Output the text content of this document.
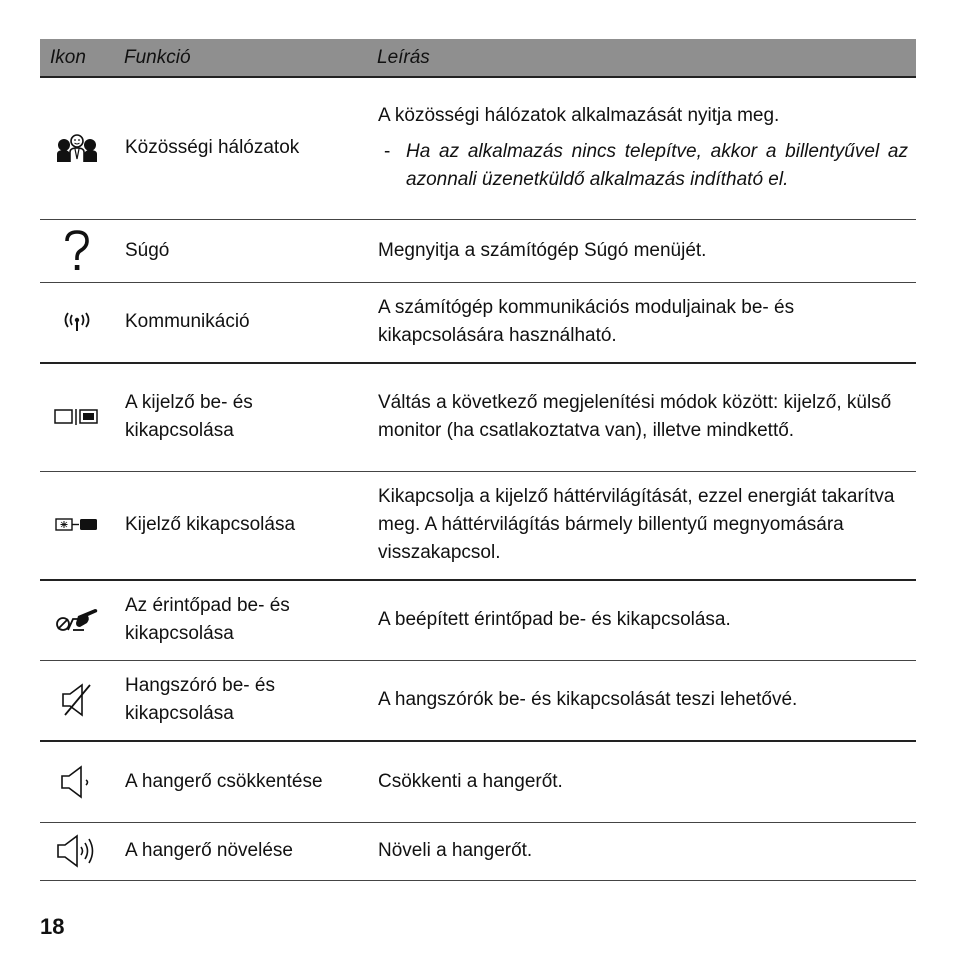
Ikon	Funkció	Leírás

	Közösségi hálózatok	A közösségi hálózatok alkalmazását nyitja meg.
- Ha az alkalmazás nincs telepítve, akkor a billentyűvel az azonnali üzenetküldő alkalmazás indítható el.

	Súgó	Megnyitja a számítógép Súgó menüjét.

	Kommunikáció	A számítógép kommunikációs moduljainak be- és kikapcsolására használható.

	A kijelző be- és kikapcsolása	Váltás a következő megjelenítési módok között: kijelző, külső monitor (ha csatlakoztatva van), illetve mindkettő.

	Kijelző kikapcsolása	Kikapcsolja a kijelző háttérvilágítását, ezzel energiát takarítva meg. A háttérvilágítás bármely billentyű megnyomására visszakapcsol.

	Az érintőpad be- és kikapcsolása	A beépített érintőpad be- és kikapcsolása.

	Hangszóró be- és kikapcsolása	A hangszórók be- és kikapcsolását teszi lehetővé.

	A hangerő csökkentése	Csökkenti a hangerőt.

	A hangerő növelése	Növeli a hangerőt.
18
